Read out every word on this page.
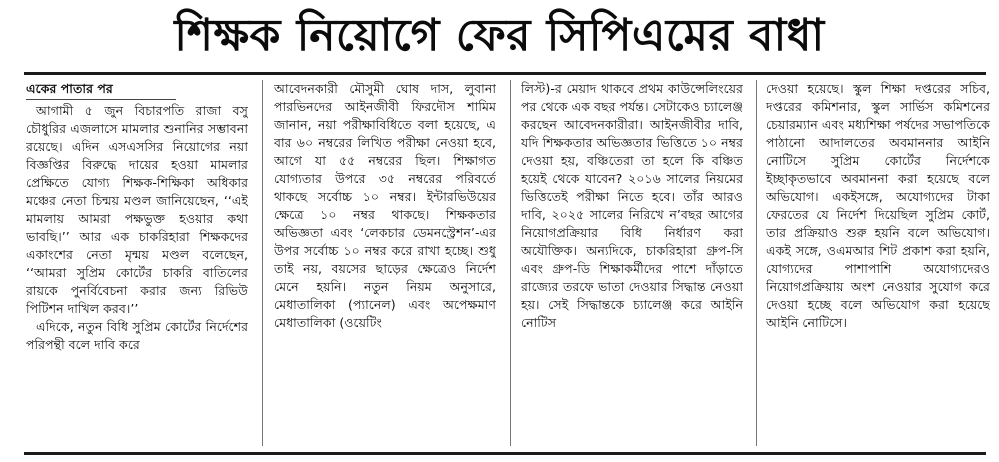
শিক্ষক নিয়োগে ফের সিপিএমের বাধা
একের পাতার পর

আগামী ৫ জুন বিচারপতি রাজা বসু চৌধুরির এজলাসে মামলার শুনানির সম্ভাবনা রয়েছে। এদিন এসএসসির নিয়োগের নয়া বিজ্ঞপ্তির বিরুদ্ধে দায়ের হওয়া মামলার প্রেক্ষিতে যোগ্য শিক্ষক-শিক্ষিকা অধিকার মঞ্চের নেতা চিন্ময় মণ্ডল জানিয়েছেন, ‘‘এই মামলায় আমরা পক্ষভুক্ত হওয়ার কথা ভাবছি।’’ আর এক চাকরিহারা শিক্ষকদের একাংশের নেতা মৃন্ময় মণ্ডল বলেছেন, ‘‘আমরা সুপ্রিম কোর্টের চাকরি বাতিলের রায়কে পুনর্বিবেচনা করার জন্য রিভিউ পিটিশন দাখিল করব।’’

এদিকে, নতুন বিধি সুপ্রিম কোর্টের নির্দেশের পরিপন্থী বলে দাবি করে

আবেদনকারী মৌসুমী ঘোষ দাস, লুবানা পারভিনদের আইনজীবী ফিরদৌস শামিম জানান, নয়া পরীক্ষাবিধিতে বলা হয়েছে, এ বার ৬০ নম্বরের লিখিত পরীক্ষা নেওয়া হবে, আগে যা ৫৫ নম্বরের ছিল। শিক্ষাগত যোগ্যতার উপরে ৩৫ নম্বরের পরিবর্তে থাকছে সর্বোচ্চ ১০ নম্বর। ইন্টারভিউয়ের ক্ষেত্রে ১০ নম্বর থাকছে। শিক্ষকতার অভিজ্ঞতা এবং ‘লেকচার ডেমনস্ট্রেশন’-এর উপর সর্বোচ্চ ১০ নম্বর করে রাখা হচ্ছে। শুধু তাই নয়, বয়সের ছাড়ের ক্ষেত্রেও নির্দেশ মেনে হয়নি। নতুন নিয়ম অনুসারে, মেধাতালিকা (প্যানেল) এবং অপেক্ষমাণ মেধাতালিকা (ওয়েটিং

লিস্ট)-র মেয়াদ থাকবে প্রথম কাউন্সেলিংয়ের পর থেকে এক বছর পর্যন্ত। সেটাকেও চ্যালেঞ্জ করছেন আবেদনকারীরা। আইনজীবীর দাবি, যদি শিক্ষকতার অভিজ্ঞতার ভিত্তিতে ১০ নম্বর দেওয়া হয়, বঞ্চিতেরা তা হলে কি বঞ্চিত হয়েই থেকে যাবেন? ২০১৬ সালের নিয়মের ভিত্তিতেই পরীক্ষা নিতে হবে। তাঁর আরও দাবি, ২০২৫ সালের নিরিখে ন’বছর আগের নিয়োগপ্রক্রিয়ার বিধি নির্ধারণ করা অযৌক্তিক। অন্যদিকে, চাকরিহারা গ্রুপ-সি এবং গ্রুপ-ডি শিক্ষাকর্মীদের পাশে দাঁড়াতে রাজ্যের তরফে ভাতা দেওয়ার সিদ্ধান্ত নেওয়া হয়। সেই সিদ্ধান্তকে চ্যালেঞ্জ করে আইনি নোটিস

দেওয়া হয়েছে। স্কুল শিক্ষা দপ্তরের সচিব, দপ্তরের কমিশনার, স্কুল সার্ভিস কমিশনের চেয়ারম্যান এবং মধ্যশিক্ষা পর্ষদের সভাপতিকে পাঠানো আদালতের অবমাননার আইনি নোটিসে সুপ্রিম কোর্টের নির্দেশকে ইচ্ছাকৃতভাবে অবমাননা করা হয়েছে বলে অভিযোগ। একইসঙ্গে, অযোগ্যদের টাকা ফেরতের যে নির্দেশ দিয়েছিল সুপ্রিম কোর্ট, তার প্রক্রিয়াও শুরু হয়নি বলে অভিযোগ। একই সঙ্গে, ওএমআর শিট প্রকাশ করা হয়নি, যোগ্যদের পাশাপাশি অযোগ্যদেরও নিয়োগপ্রক্রিয়ায় অংশ নেওয়ার সুযোগ করে দেওয়া হচ্ছে বলে অভিযোগ করা হয়েছে আইনি নোটিসে।
